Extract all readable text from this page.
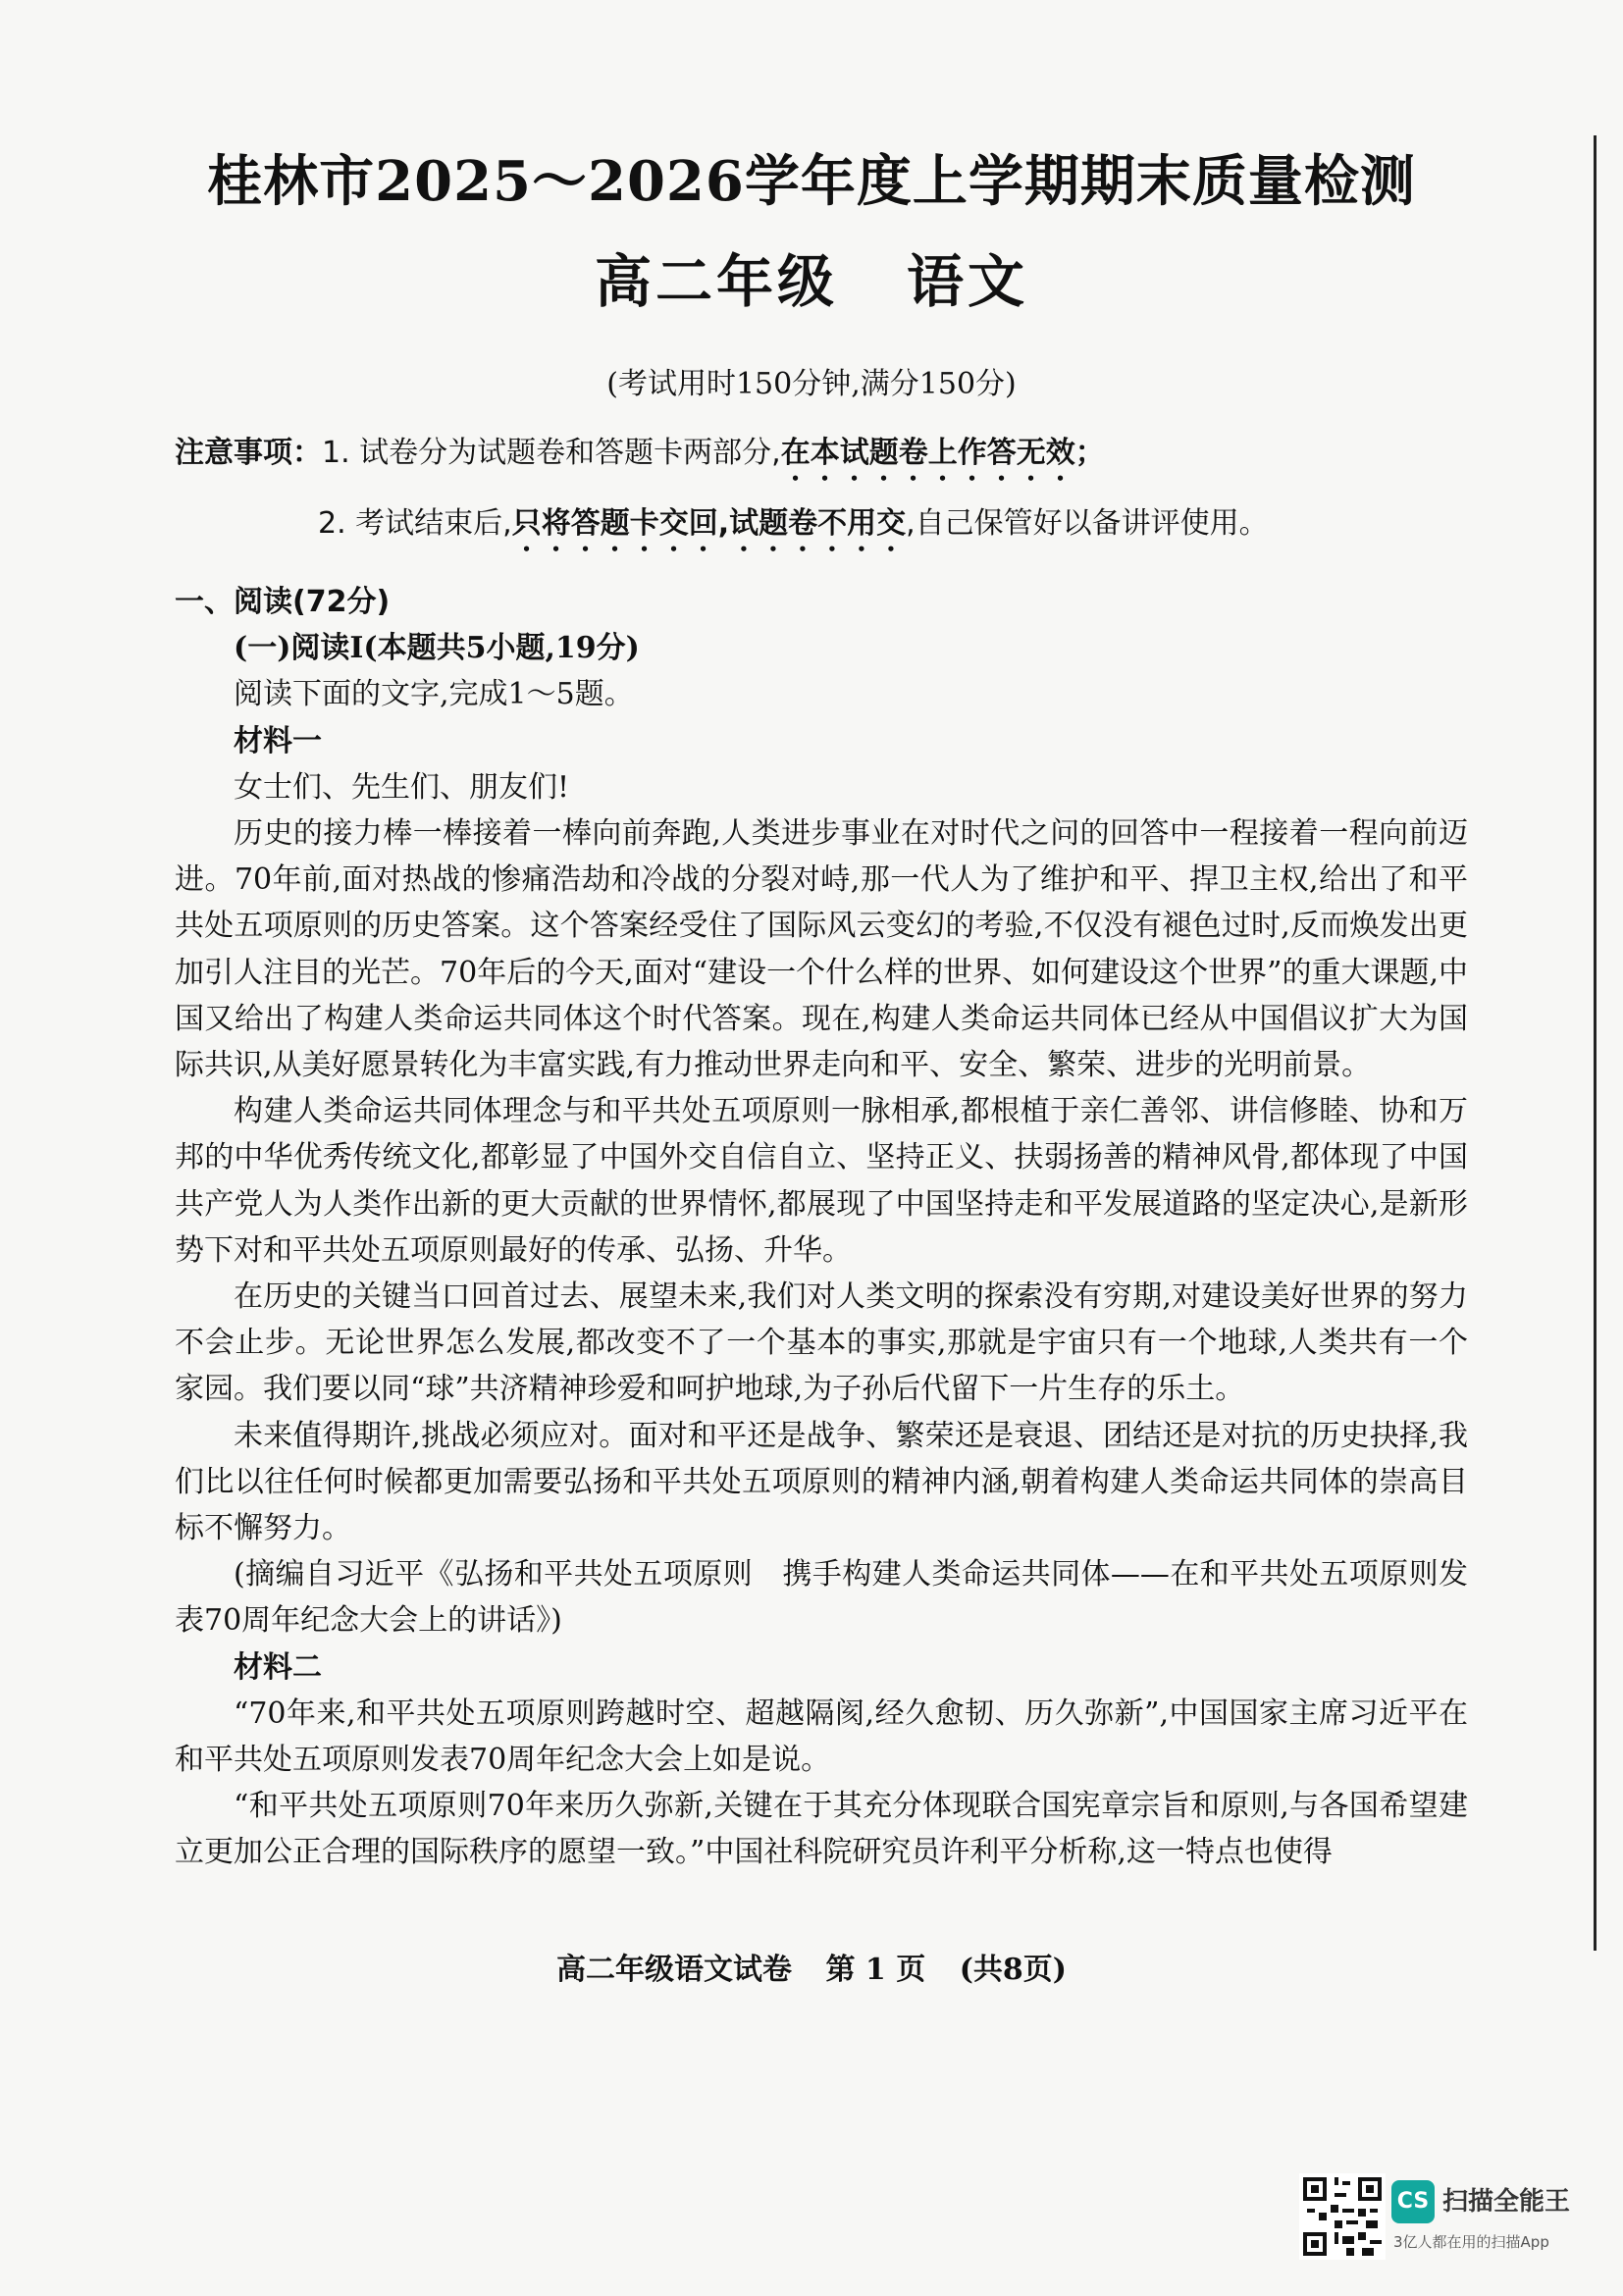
桂林市2025～2026学年度上学期期末质量检测
高二年级 语文
(考试用时150分钟,满分150分)
注意事项：1. 试卷分为试题卷和答题卡两部分,在本试题卷上作答无效；
2. 考试结束后,只将答题卡交回,试题卷不用交,自己保管好以备讲评使用。

一、阅读(72分)

(一)阅读Ⅰ(本题共5小题,19分)

阅读下面的文字,完成1～5题。

材料一

女士们、先生们、朋友们!

历史的接力棒一棒接着一棒向前奔跑,人类进步事业在对时代之问的回答中一程接着一程向前迈进。70年前,面对热战的惨痛浩劫和冷战的分裂对峙,那一代人为了维护和平、捍卫主权,给出了和平共处五项原则的历史答案。这个答案经受住了国际风云变幻的考验,不仅没有褪色过时,反而焕发出更加引人注目的光芒。70年后的今天,面对“建设一个什么样的世界、如何建设这个世界”的重大课题,中国又给出了构建人类命运共同体这个时代答案。现在,构建人类命运共同体已经从中国倡议扩大为国际共识,从美好愿景转化为丰富实践,有力推动世界走向和平、安全、繁荣、进步的光明前景。

构建人类命运共同体理念与和平共处五项原则一脉相承,都根植于亲仁善邻、讲信修睦、协和万邦的中华优秀传统文化,都彰显了中国外交自信自立、坚持正义、扶弱扬善的精神风骨,都体现了中国共产党人为人类作出新的更大贡献的世界情怀,都展现了中国坚持走和平发展道路的坚定决心,是新形势下对和平共处五项原则最好的传承、弘扬、升华。

在历史的关键当口回首过去、展望未来,我们对人类文明的探索没有穷期,对建设美好世界的努力不会止步。无论世界怎么发展,都改变不了一个基本的事实,那就是宇宙只有一个地球,人类共有一个家园。我们要以同“球”共济精神珍爱和呵护地球,为子孙后代留下一片生存的乐土。

未来值得期许,挑战必须应对。面对和平还是战争、繁荣还是衰退、团结还是对抗的历史抉择,我们比以往任何时候都更加需要弘扬和平共处五项原则的精神内涵,朝着构建人类命运共同体的崇高目标不懈努力。

(摘编自习近平《弘扬和平共处五项原则　携手构建人类命运共同体——在和平共处五项原则发表70周年纪念大会上的讲话》)

材料二

“70年来,和平共处五项原则跨越时空、超越隔阂,经久愈韧、历久弥新”,中国国家主席习近平在和平共处五项原则发表70周年纪念大会上如是说。

“和平共处五项原则70年来历久弥新,关键在于其充分体现联合国宪章宗旨和原则,与各国希望建立更加公正合理的国际秩序的愿望一致。”中国社科院研究员许利平分析称,这一特点也使得

高二年级语文试卷 第 1 页 (共8页)
CS 扫描全能王
3亿人都在用的扫描App
